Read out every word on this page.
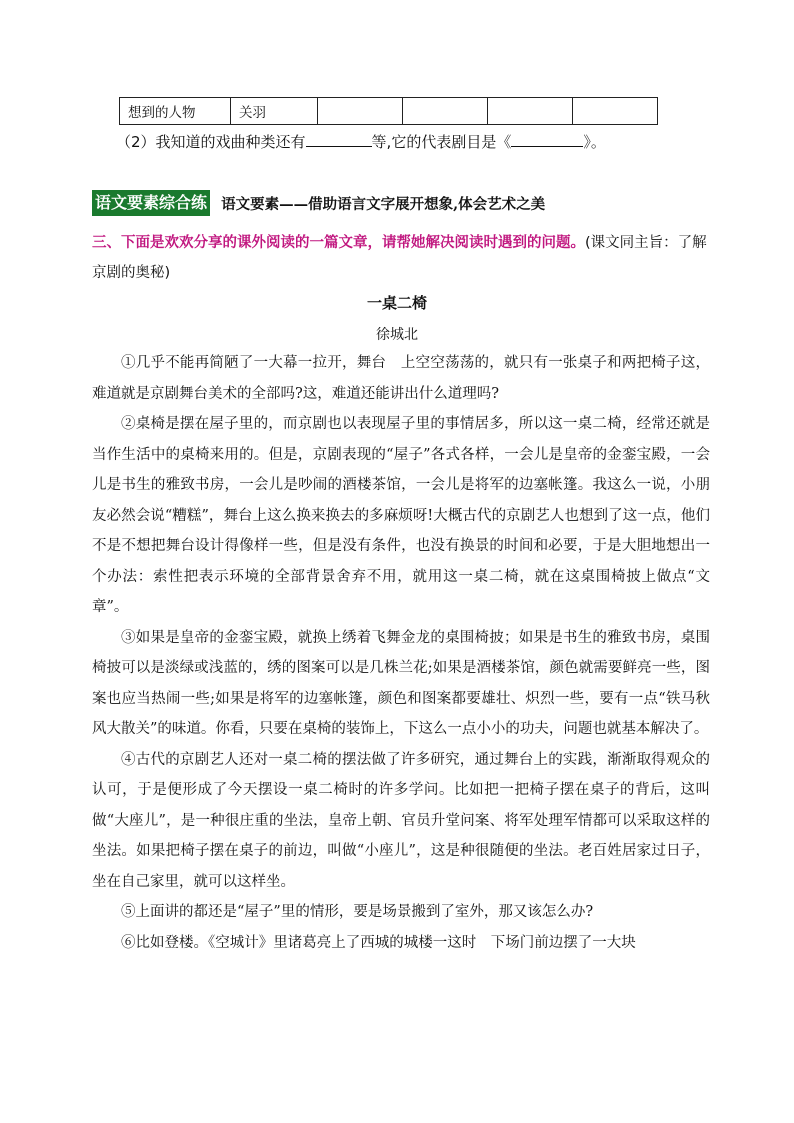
想到的人物	关羽				
（2）我知道的戏曲种类还有	等,它的代表剧目是《	》。
语文要素综合练 语文要素——借助语言文字展开想象,体会艺术之美
三、下面是欢欢分享的课外阅读的一篇文章，请帮她解决阅读时遇到的问题。(课文同主旨：了解京剧的奥秘)
一桌二椅
徐城北

①几乎不能再简陋了一大幕一拉开，舞台　上空空荡荡的，就只有一张桌子和两把椅子这，难道就是京剧舞台美术的全部吗?这，难道还能讲出什么道理吗?

②桌椅是摆在屋子里的，而京剧也以表现屋子里的事情居多，所以这一桌二椅，经常还就是当作生活中的桌椅来用的。但是，京剧表现的“屋子”各式各样，一会儿是皇帝的金銮宝殿，一会儿是书生的雅致书房，一会儿是吵闹的酒楼茶馆，一会儿是将军的边塞帐篷。我这么一说，小朋友必然会说“糟糕”，舞台上这么换来换去的多麻烦呀!大概古代的京剧艺人也想到了这一点，他们不是不想把舞台设计得像样一些，但是没有条件，也没有换景的时间和必要，于是大胆地想出一个办法：索性把表示环境的全部背景舍弃不用，就用这一桌二椅，就在这桌围椅披上做点“文章”。

③如果是皇帝的金銮宝殿，就换上绣着飞舞金龙的桌围椅披；如果是书生的雅致书房，桌围椅披可以是淡绿或浅蓝的，绣的图案可以是几株兰花;如果是酒楼茶馆，颜色就需要鲜亮一些，图案也应当热闹一些;如果是将军的边塞帐篷，颜色和图案都要雄壮、炽烈一些，要有一点“铁马秋风大散关”的味道。你看，只要在桌椅的装饰上，下这么一点小小的功夫，问题也就基本解决了。

④古代的京剧艺人还对一桌二椅的摆法做了许多研究，通过舞台上的实践，渐渐取得观众的认可，于是便形成了今天摆设一桌二椅时的许多学问。比如把一把椅子摆在桌子的背后，这叫做“大座儿”，是一种很庄重的坐法，皇帝上朝、官员升堂问案、将军处理军情都可以采取这样的坐法。如果把椅子摆在桌子的前边，叫做“小座儿”，这是种很随便的坐法。老百姓居家过日子，坐在自己家里，就可以这样坐。

⑤上面讲的都还是“屋子”里的情形，要是场景搬到了室外，那又该怎么办?

⑥比如登楼。《空城计》里诸葛亮上了西城的城楼一这时　下场门前边摆了一大块
